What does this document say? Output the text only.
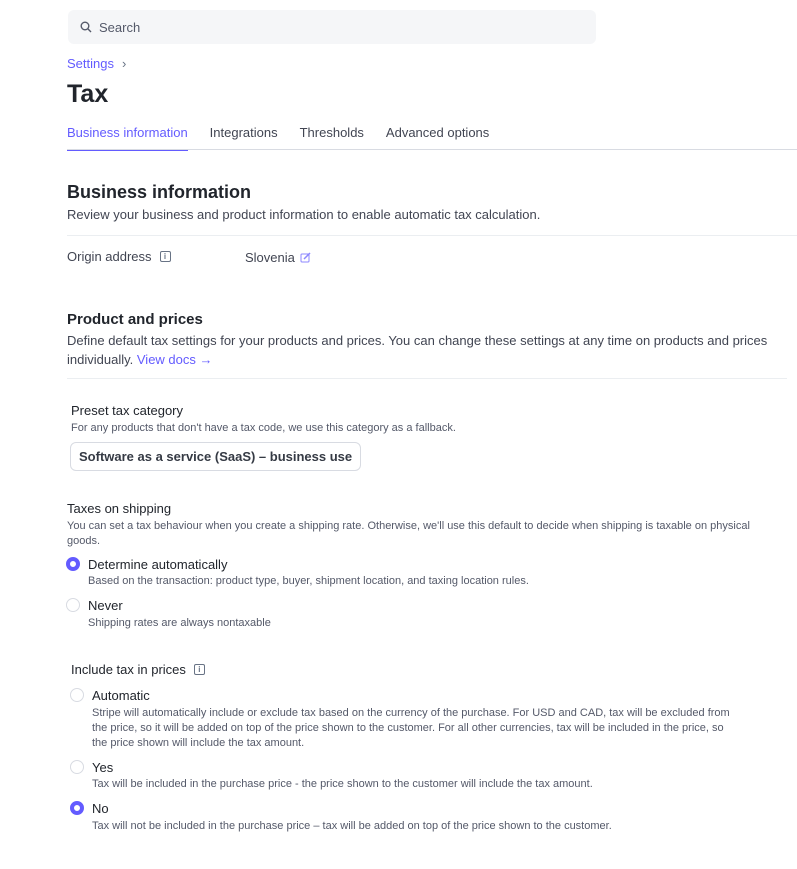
Search
Settings ›
Tax
Business information Integrations Thresholds Advanced options
Business information
Review your business and product information to enable automatic tax calculation.
Origin address	i	Slovenia
Product and prices
Define default tax settings for your products and prices. You can change these settings at any time on products and prices individually. View docs →
Preset tax category
For any products that don't have a tax code, we use this category as a fallback.
Software as a service (SaaS) – business use
Taxes on shipping
You can set a tax behaviour when you create a shipping rate. Otherwise, we'll use this default to decide when shipping is taxable on physical goods.
Determine automatically
Based on the transaction: product type, buyer, shipment location, and taxing location rules.
Never
Shipping rates are always nontaxable
Include tax in prices	i
Automatic
Stripe will automatically include or exclude tax based on the currency of the purchase. For USD and CAD, tax will be excluded from the price, so it will be added on top of the price shown to the customer. For all other currencies, tax will be included in the price, so the price shown will include the tax amount.
Yes
Tax will be included in the purchase price - the price shown to the customer will include the tax amount.
No
Tax will not be included in the purchase price – tax will be added on top of the price shown to the customer.
